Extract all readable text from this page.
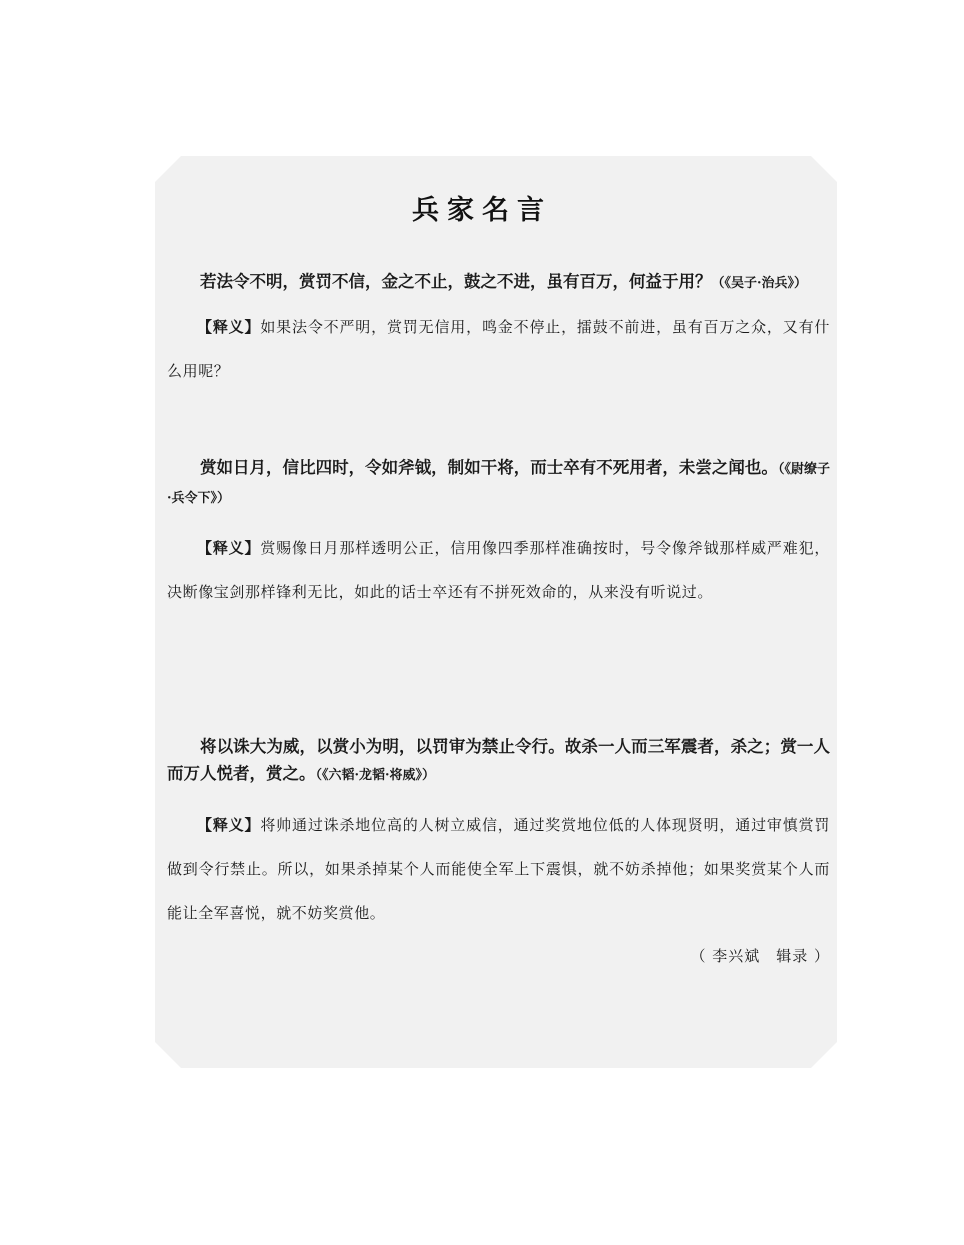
兵家名言

若法令不明，赏罚不信，金之不止，鼓之不进，虽有百万，何益于用？（《吴子·治兵》）

【释义】如果法令不严明，赏罚无信用，鸣金不停止，擂鼓不前进，虽有百万之众，又有什么用呢？

赏如日月，信比四时，令如斧钺，制如干将，而士卒有不死用者，未尝之闻也。（《尉缭子·兵令下》）

【释义】赏赐像日月那样透明公正，信用像四季那样准确按时，号令像斧钺那样威严难犯，决断像宝剑那样锋利无比，如此的话士卒还有不拼死效命的，从来没有听说过。

将以诛大为威，以赏小为明，以罚审为禁止令行。故杀一人而三军震者，杀之；赏一人而万人悦者，赏之。（《六韬·龙韬·将威》）

【释义】将帅通过诛杀地位高的人树立威信，通过奖赏地位低的人体现贤明，通过审慎赏罚做到令行禁止。所以，如果杀掉某个人而能使全军上下震惧，就不妨杀掉他；如果奖赏某个人而能让全军喜悦，就不妨奖赏他。

（ 李兴斌　辑录 ）
